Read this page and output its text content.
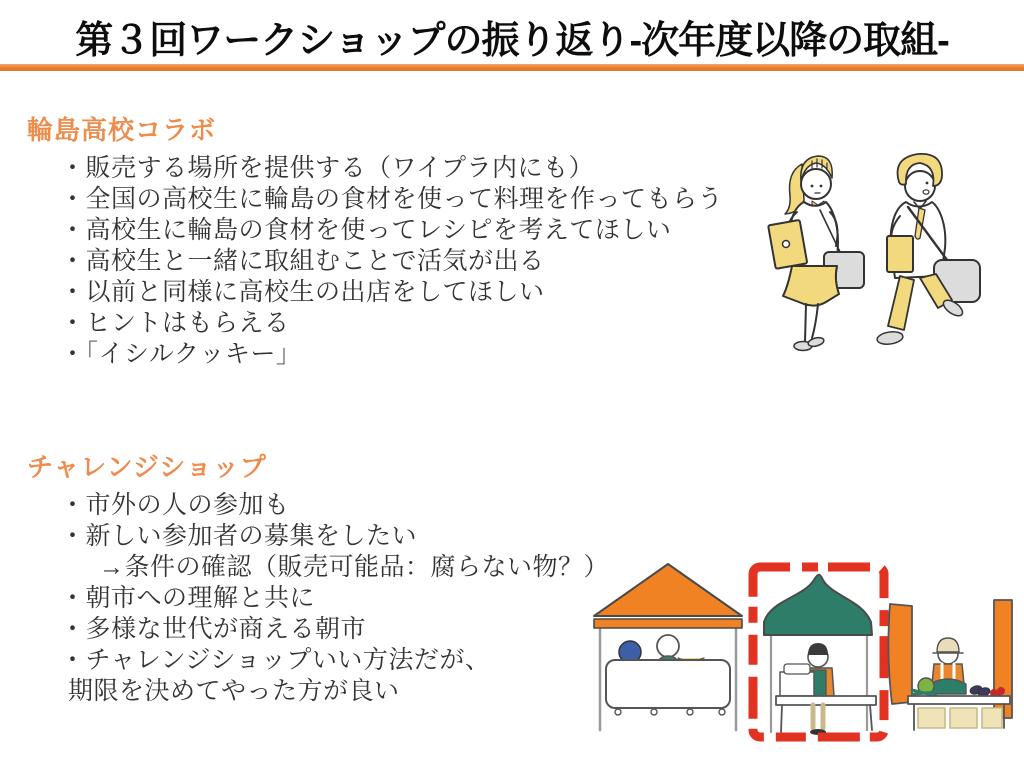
第３回ワークショップの振り返り-次年度以降の取組-
輪島高校コラボ

・販売する場所を提供する（ワイプラ内にも）

・全国の高校生に輪島の食材を使って料理を作ってもらう

・高校生に輪島の食材を使ってレシピを考えてほしい

・高校生と一緒に取組むことで活気が出る

・以前と同様に高校生の出店をしてほしい

・ヒントはもらえる

・「イシルクッキー」

チャレンジショップ

・市外の人の参加も

・新しい参加者の募集をしたい

→条件の確認（販売可能品：腐らない物？）

・朝市への理解と共に

・多様な世代が商える朝市

・チャレンジショップいい方法だが、

期限を決めてやった方が良い
